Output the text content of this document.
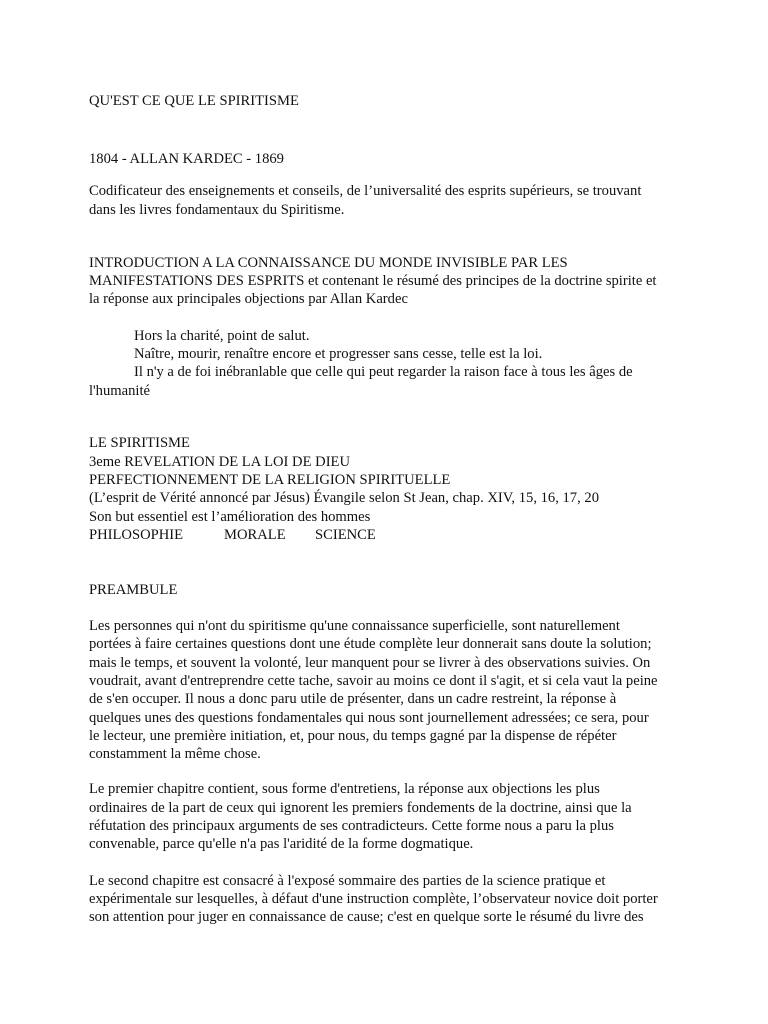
QU'EST CE QUE LE SPIRITISME
1804 - ALLAN KARDEC - 1869
Codificateur des enseignements et conseils, de l’universalité des esprits supérieurs, se trouvant
dans les livres fondamentaux du Spiritisme.
INTRODUCTION A LA CONNAISSANCE DU MONDE INVISIBLE PAR LES
MANIFESTATIONS DES ESPRITS et contenant le résumé des principes de la doctrine spirite et
la réponse aux principales objections par Allan Kardec
Hors la charité, point de salut.
Naître, mourir, renaître encore et progresser sans cesse, telle est la loi.
Il n'y a de foi inébranlable que celle qui peut regarder la raison face à tous les âges de
l'humanité
LE SPIRITISME
3eme REVELATION DE LA LOI DE DIEU
PERFECTIONNEMENT DE LA RELIGION SPIRITUELLE
(L’esprit de Vérité annoncé par Jésus) Évangile selon St Jean, chap. XIV, 15, 16, 17, 20
Son but essentiel est l’amélioration des hommes
PHILOSOPHIE	MORALE SCIENCE
PREAMBULE
Les personnes qui n'ont du spiritisme qu'une connaissance superficielle, sont naturellement
portées à faire certaines questions dont une étude complète leur donnerait sans doute la solution;
mais le temps, et souvent la volonté, leur manquent pour se livrer à des observations suivies. On
voudrait, avant d'entreprendre cette tache, savoir au moins ce dont il s'agit, et si cela vaut la peine
de s'en occuper. Il nous a donc paru utile de présenter, dans un cadre restreint, la réponse à
quelques unes des questions fondamentales qui nous sont journellement adressées; ce sera, pour
le lecteur, une première initiation, et, pour nous, du temps gagné par la dispense de répéter
constamment la même chose.
Le premier chapitre contient, sous forme d'entretiens, la réponse aux objections les plus
ordinaires de la part de ceux qui ignorent les premiers fondements de la doctrine, ainsi que la
réfutation des principaux arguments de ses contradicteurs. Cette forme nous a paru la plus
convenable, parce qu'elle n'a pas l'aridité de la forme dogmatique.
Le second chapitre est consacré à l'exposé sommaire des parties de la science pratique et
expérimentale sur lesquelles, à défaut d'une instruction complète, l’observateur novice doit porter
son attention pour juger en connaissance de cause; c'est en quelque sorte le résumé du livre des
